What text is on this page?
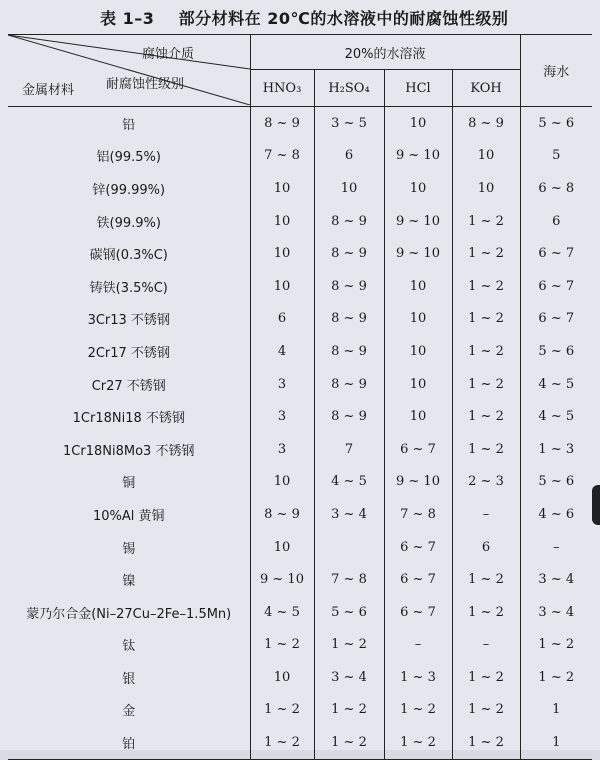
表 1–3 部分材料在 20℃的水溶液中的耐腐蚀性级别
腐蚀介质
耐腐蚀性级别
金属材料	20%的水溶液				海水
	HNO₃	H₂SO₄	HCl	KOH	

铅	8 ~ 9	3 ~ 5	10	8 ~ 9	5 ~ 6

铝(99.5%)	7 ~ 8	6	9 ~ 10	10	5

锌(99.99%)	10	10	10	10	6 ~ 8

铁(99.9%)	10	8 ~ 9	9 ~ 10	1 ~ 2	6

碳钢(0.3%C)	10	8 ~ 9	9 ~ 10	1 ~ 2	6 ~ 7

铸铁(3.5%C)	10	8 ~ 9	10	1 ~ 2	6 ~ 7

3Cr13 不锈钢	6	8 ~ 9	10	1 ~ 2	6 ~ 7

2Cr17 不锈钢	4	8 ~ 9	10	1 ~ 2	5 ~ 6

Cr27 不锈钢	3	8 ~ 9	10	1 ~ 2	4 ~ 5

1Cr18Ni18 不锈钢	3	8 ~ 9	10	1 ~ 2	4 ~ 5

1Cr18Ni8Mo3 不锈钢	3	7	6 ~ 7	1 ~ 2	1 ~ 3

铜	10	4 ~ 5	9 ~ 10	2 ~ 3	5 ~ 6

10%Al 黄铜	8 ~ 9	3 ~ 4	7 ~ 8	–	4 ~ 6

锡	10		6 ~ 7	6	–

镍	9 ~ 10	7 ~ 8	6 ~ 7	1 ~ 2	3 ~ 4

蒙乃尔合金(Ni–27Cu–2Fe–1.5Mn)	4 ~ 5	5 ~ 6	6 ~ 7	1 ~ 2	3 ~ 4

钛	1 ~ 2	1 ~ 2	–	–	1 ~ 2

银	10	3 ~ 4	1 ~ 3	1 ~ 2	1 ~ 2

金	1 ~ 2	1 ~ 2	1 ~ 2	1 ~ 2	1

铂	1 ~ 2	1 ~ 2	1 ~ 2	1 ~ 2	1
